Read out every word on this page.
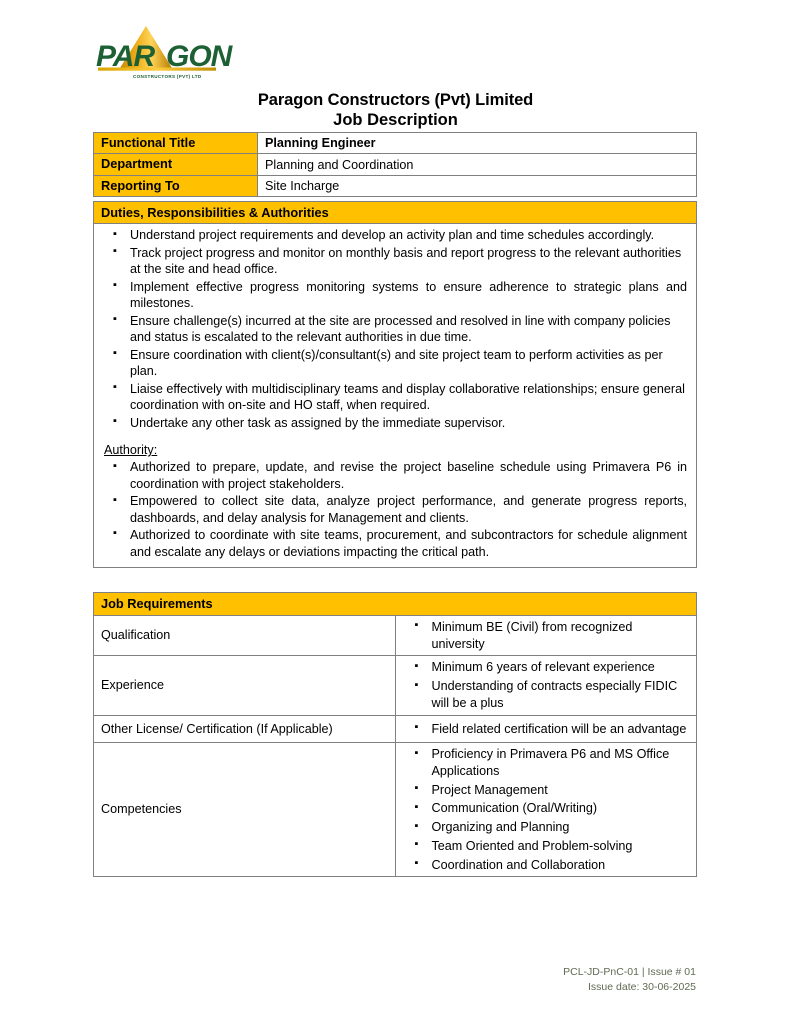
PAR GON
CONSTRUCTORS (PVT) LTD
Paragon Constructors (Pvt) Limited
Job Description
Functional Title	Planning Engineer
Department	Planning and Coordination
Reporting To	Site Incharge
Duties, Responsibilities & Authorities
▪ Understand project requirements and develop an activity plan and time schedules accordingly.
▪ Track project progress and monitor on monthly basis and report progress to the relevant authorities at the site and head office.
▪ Implement effective progress monitoring systems to ensure adherence to strategic plans and milestones.
▪ Ensure challenge(s) incurred at the site are processed and resolved in line with company policies and status is escalated to the relevant authorities in due time.
▪ Ensure coordination with client(s)/consultant(s) and site project team to perform activities as per plan.
▪ Liaise effectively with multidisciplinary teams and display collaborative relationships; ensure general coordination with on-site and HO staff, when required.
▪ Undertake any other task as assigned by the immediate supervisor.
Authority:
▪ Authorized to prepare, update, and revise the project baseline schedule using Primavera P6 in coordination with project stakeholders.
▪ Empowered to collect site data, analyze project performance, and generate progress reports, dashboards, and delay analysis for Management and clients.
▪ Authorized to coordinate with site teams, procurement, and subcontractors for schedule alignment and escalate any delays or deviations impacting the critical path.
Job Requirements	
Qualification	
▪ Minimum BE (Civil) from recognized university

Experience	
▪ Minimum 6 years of relevant experience
▪ Understanding of contracts especially FIDIC will be a plus

Other License/ Certification (If Applicable)	
▪Field related certification will be an advantage

Competencies	
▪ Proficiency in Primavera P6 and MS Office Applications
▪ Project Management
▪ Communication (Oral/Writing)
▪ Organizing and Planning
▪ Team Oriented and Problem-solving
▪ Coordination and Collaboration
PCL-JD-PnC-01 | Issue # 01
Issue date: 30-06-2025
